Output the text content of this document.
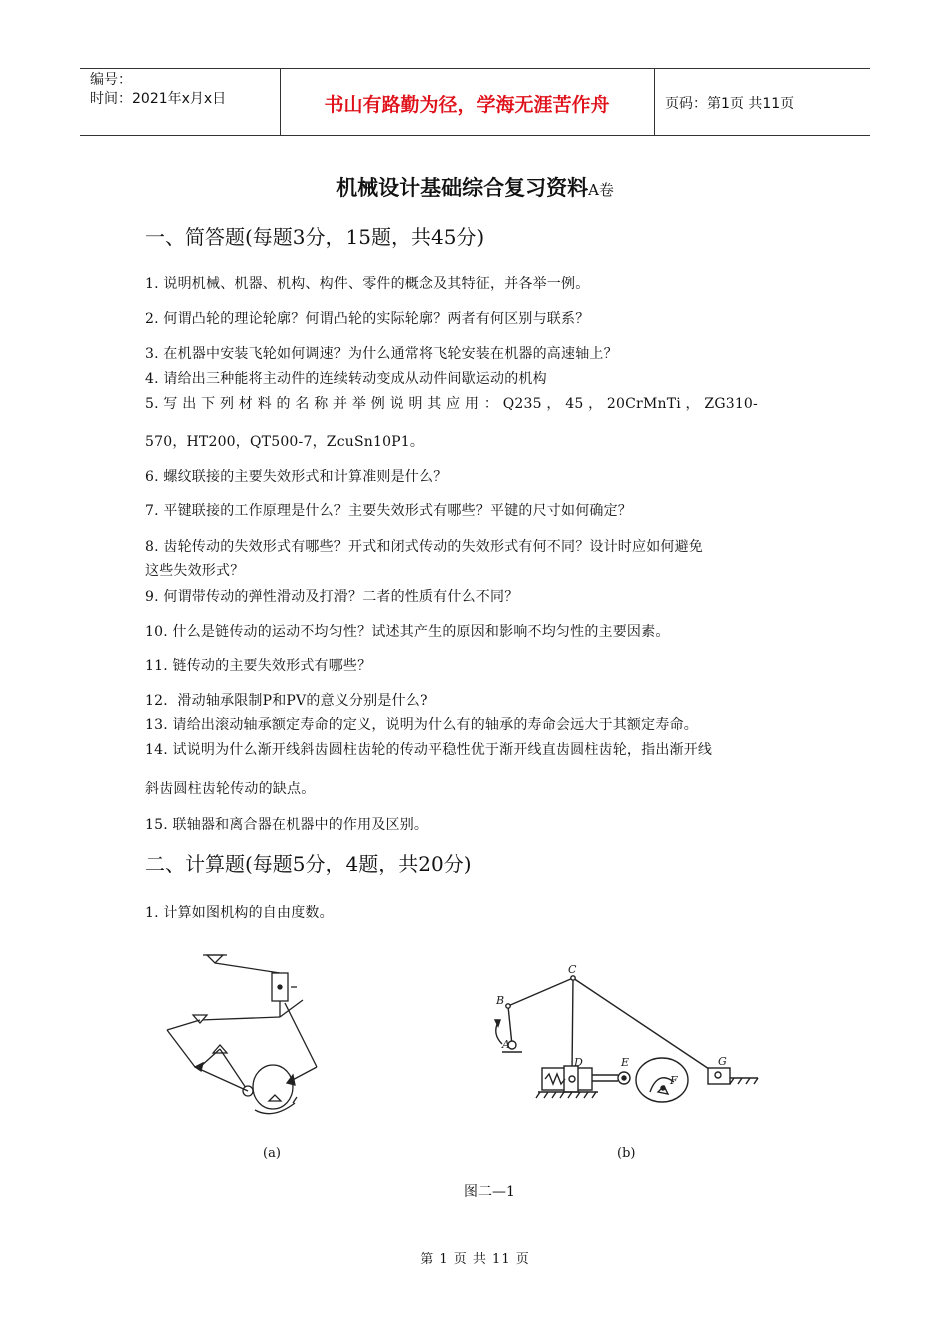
编号：
时间：2021年x月x日	书山有路勤为径，学海无涯苦作舟	页码：第1页 共11页
机械设计基础综合复习资料A卷
一、简答题(每题3分，15题，共45分)
1. 说明机械、机器、机构、构件、零件的概念及其特征，并各举一例。
2. 何谓凸轮的理论轮廓？何谓凸轮的实际轮廓？两者有何区别与联系？
3. 在机器中安装飞轮如何调速？为什么通常将飞轮安装在机器的高速轴上？
4. 请给出三种能将主动件的连续转动变成从动件间歇运动的机构
5. 写 出 下 列 材 料 的 名 称 并 举 例 说 明 其 应 用 ： Q235 ， 45 ， 20CrMnTi ， ZG310-
570，HT200，QT500-7，ZcuSn10P1。
6. 螺纹联接的主要失效形式和计算准则是什么？
7. 平键联接的工作原理是什么？主要失效形式有哪些？平键的尺寸如何确定？
8. 齿轮传动的失效形式有哪些？开式和闭式传动的失效形式有何不同？设计时应如何避免
这些失效形式？
9. 何谓带传动的弹性滑动及打滑？二者的性质有什么不同？
10. 什么是链传动的运动不均匀性？试述其产生的原因和影响不均匀性的主要因素。
11. 链传动的主要失效形式有哪些？
12．滑动轴承限制P和PV的意义分别是什么?
13. 请给出滚动轴承额定寿命的定义，说明为什么有的轴承的寿命会远大于其额定寿命。
14. 试说明为什么渐开线斜齿圆柱齿轮的传动平稳性优于渐开线直齿圆柱齿轮，指出渐开线
斜齿圆柱齿轮传动的缺点。
15. 联轴器和离合器在机器中的作用及区别。
二、计算题(每题5分，4题，共20分)
1. 计算如图机构的自由度数。
(a)
A
B
C
D	E
F
G
(b)
图二—1
第 1 页 共 11 页
